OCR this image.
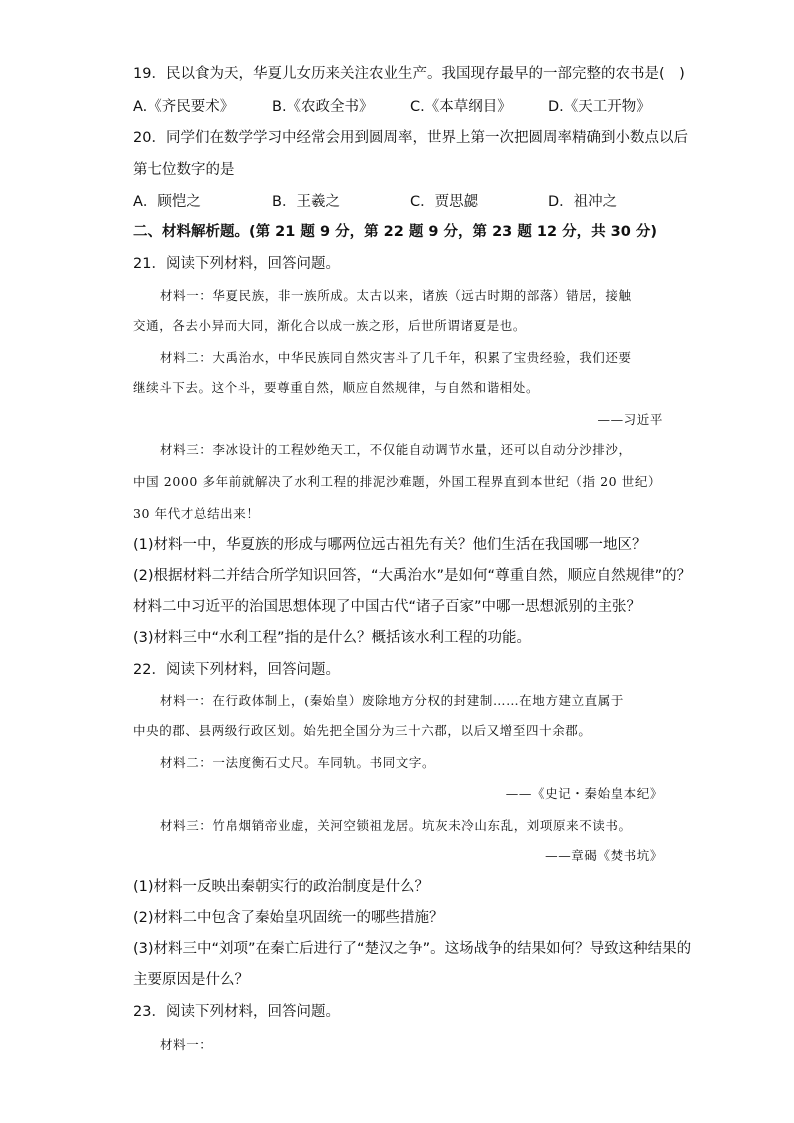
19．民以食为天，华夏儿女历来关注农业生产。我国现存最早的一部完整的农书是(　)
A.《齐民要术》	B.《农政全书》	C.《本草纲目》	D.《天工开物》
20．同学们在数学学习中经常会用到圆周率，世界上第一次把圆周率精确到小数点以后
第七位数字的是
A．顾恺之	B．王羲之	C．贾思勰	D．祖冲之
二、材料解析题。(第 21 题 9 分，第 22 题 9 分，第 23 题 12 分，共 30 分)
21．阅读下列材料，回答问题。
材料一：华夏民族，非一族所成。太古以来，诸族（远古时期的部落）错居，接触
交通，各去小异而大同，渐化合以成一族之形，后世所谓诸夏是也。
材料二：大禹治水，中华民族同自然灾害斗了几千年，积累了宝贵经验，我们还要
继续斗下去。这个斗，要尊重自然，顺应自然规律，与自然和谐相处。
——习近平
材料三：李冰设计的工程妙绝天工，不仅能自动调节水量，还可以自动分沙排沙，
中国 2000 多年前就解决了水利工程的排泥沙难题，外国工程界直到本世纪（指 20 世纪）
30 年代才总结出来！
(1)材料一中，华夏族的形成与哪两位远古祖先有关？他们生活在我国哪一地区？
(2)根据材料二并结合所学知识回答，“大禹治水”是如何“尊重自然，顺应自然规律”的？
材料二中习近平的治国思想体现了中国古代“诸子百家”中哪一思想派别的主张？
(3)材料三中“水利工程”指的是什么？概括该水利工程的功能。
22．阅读下列材料，回答问题。
材料一：在行政体制上，(秦始皇）废除地方分权的封建制……在地方建立直属于
中央的郡、县两级行政区划。始先把全国分为三十六郡，以后又增至四十余郡。
材料二：一法度衡石丈尺。车同轨。书同文字。
——《史记・秦始皇本纪》
材料三：竹帛烟销帝业虚，关河空锁祖龙居。坑灰未冷山东乱，刘项原来不读书。
——章碣《焚书坑》
(1)材料一反映出秦朝实行的政治制度是什么？
(2)材料二中包含了秦始皇巩固统一的哪些措施？
(3)材料三中“刘项”在秦亡后进行了“楚汉之争”。这场战争的结果如何？导致这种结果的
主要原因是什么？
23．阅读下列材料，回答问题。
材料一：
